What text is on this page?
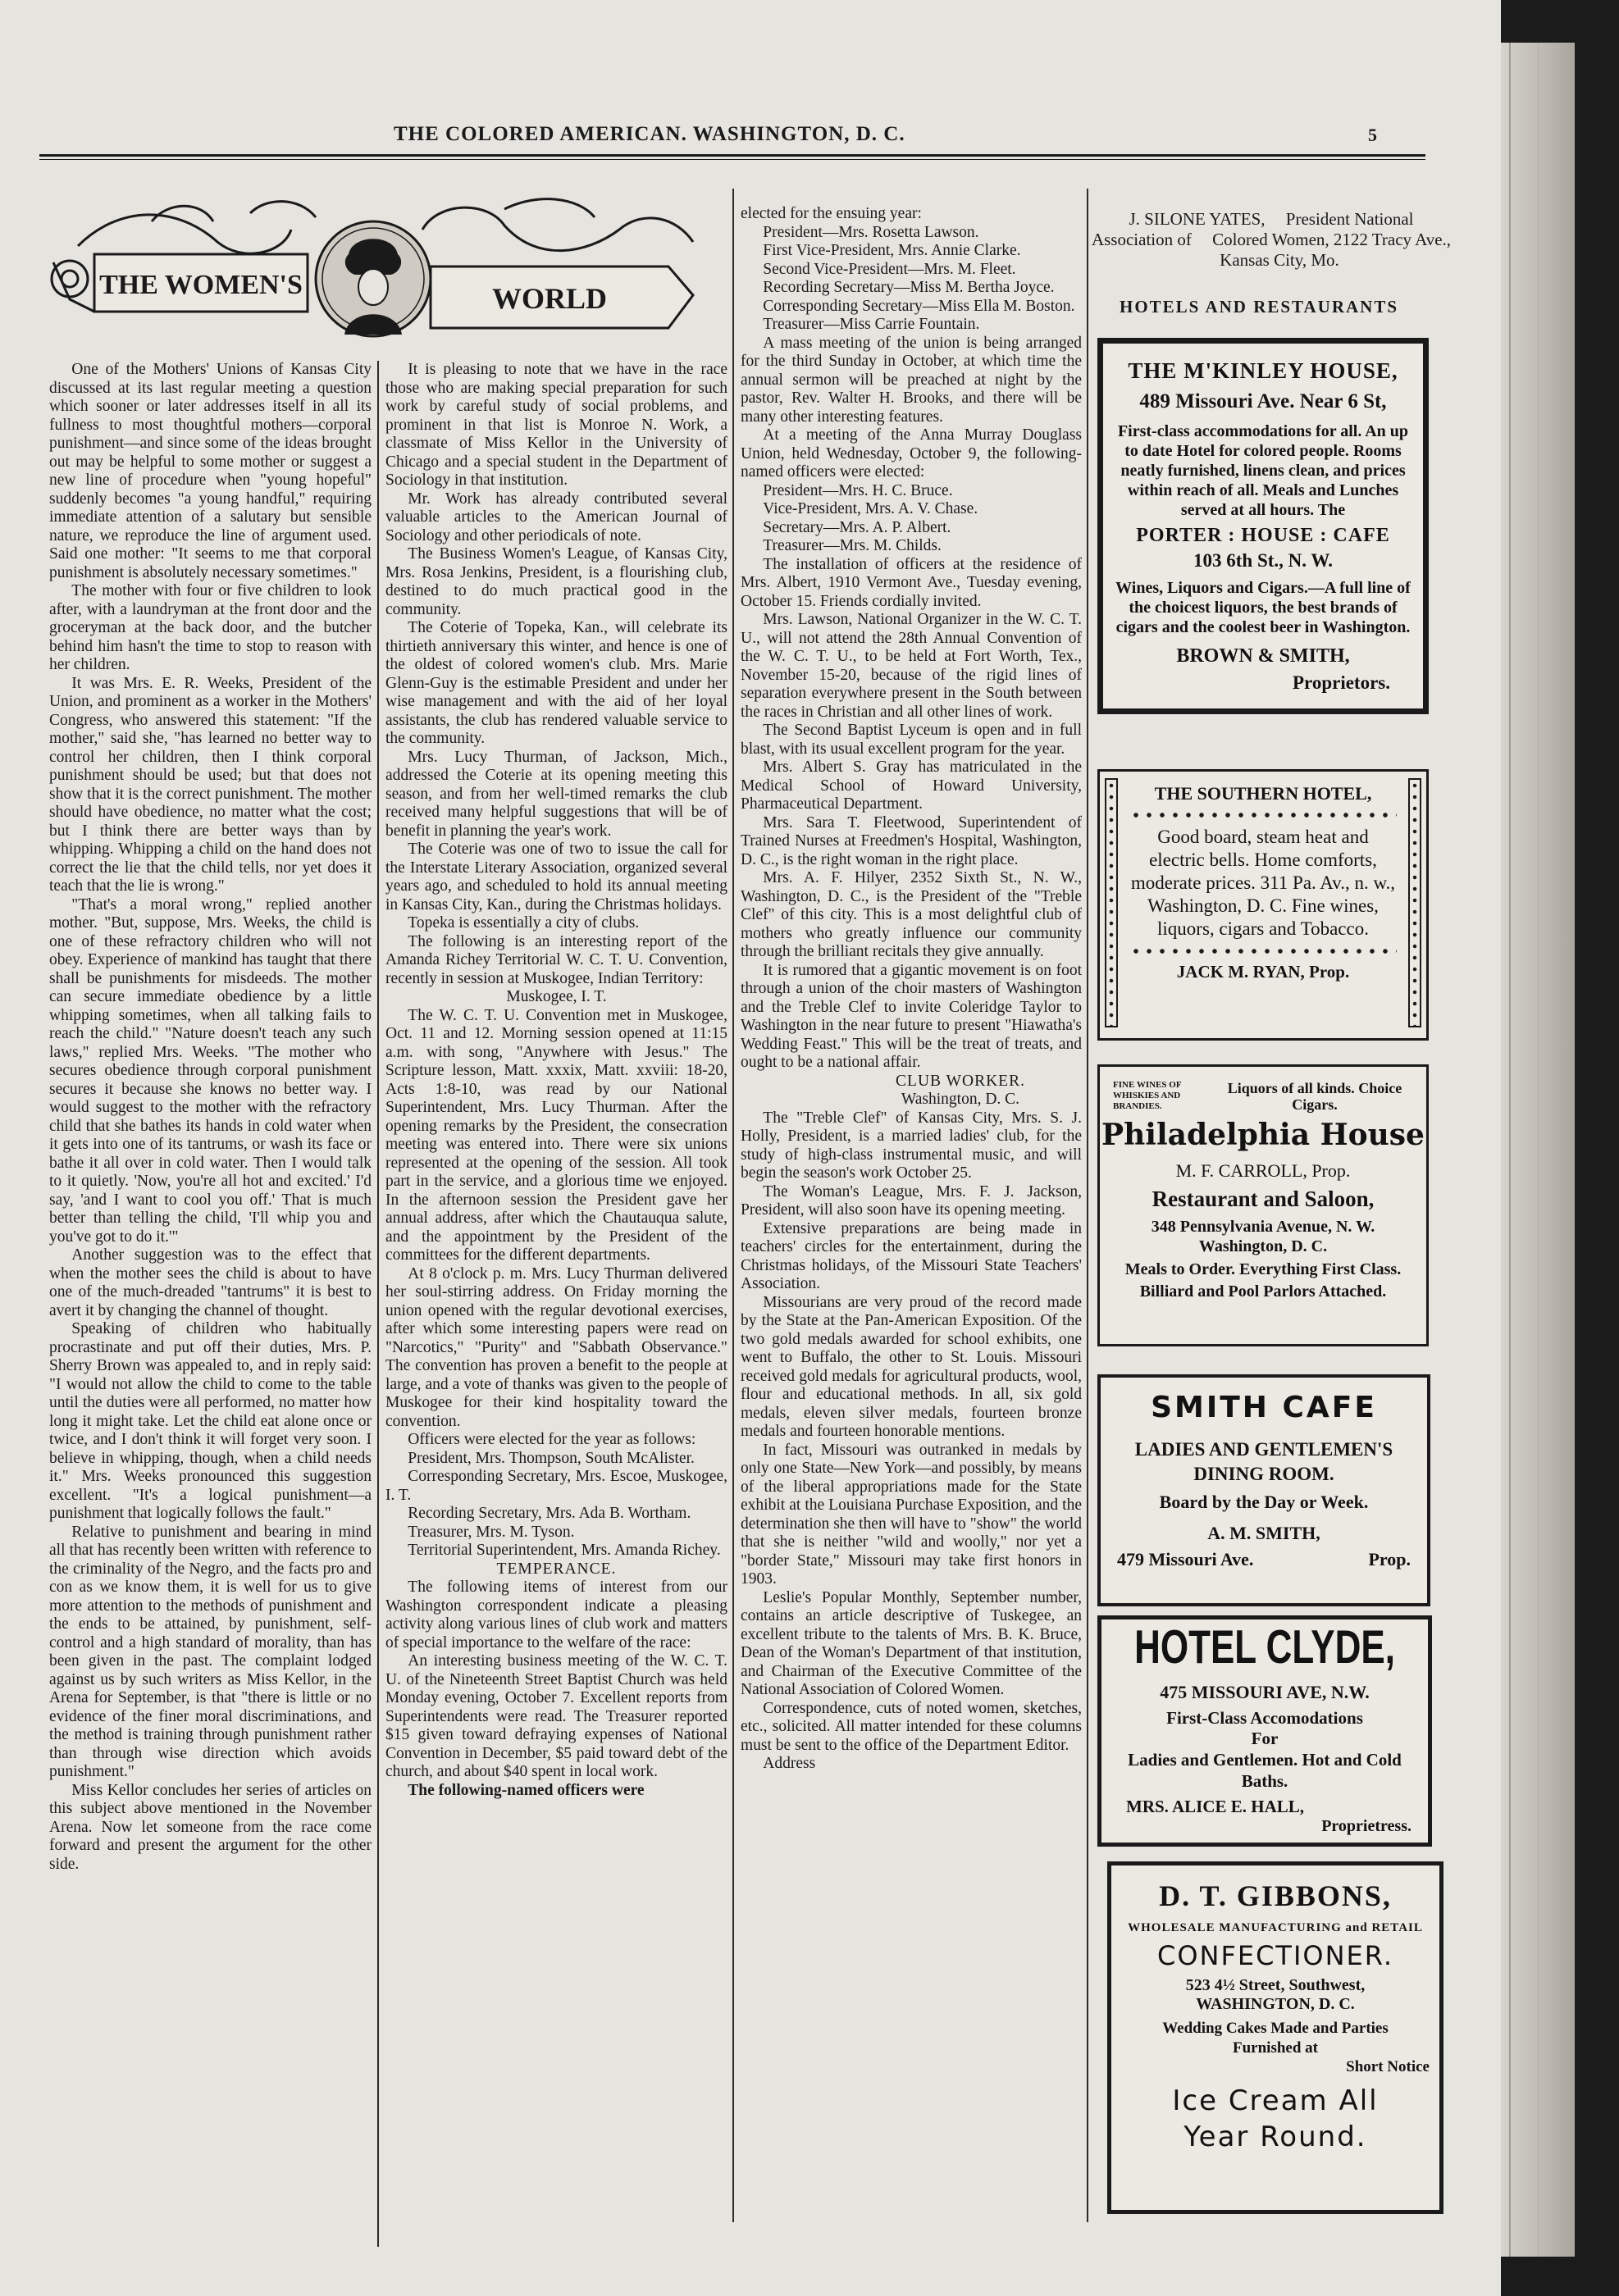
THE COLORED AMERICAN. WASHINGTON, D. C.	5
THE WOMEN'S	WORLD

One of the Mothers' Unions of Kansas City discussed at its last regular meeting a question which sooner or later addresses itself in all its fullness to most thoughtful mothers—corporal punishment—and since some of the ideas brought out may be helpful to some mother or suggest a new line of procedure when "young hopeful" suddenly becomes "a young handful," requiring immediate attention of a salutary but sensible nature, we reproduce the line of argument used. Said one mother: "It seems to me that corporal punishment is absolutely necessary sometimes."

The mother with four or five children to look after, with a laundryman at the front door and the groceryman at the back door, and the butcher behind him hasn't the time to stop to reason with her children.

It was Mrs. E. R. Weeks, President of the Union, and prominent as a worker in the Mothers' Congress, who answered this statement: "If the mother," said she, "has learned no better way to control her children, then I think corporal punishment should be used; but that does not show that it is the correct punishment. The mother should have obedience, no matter what the cost; but I think there are better ways than by whipping. Whipping a child on the hand does not correct the lie that the child tells, nor yet does it teach that the lie is wrong."

"That's a moral wrong," replied another mother. "But, suppose, Mrs. Weeks, the child is one of these refractory children who will not obey. Experience of mankind has taught that there shall be punishments for misdeeds. The mother can secure immediate obedience by a little whipping sometimes, when all talking fails to reach the child." "Nature doesn't teach any such laws," replied Mrs. Weeks. "The mother who secures obedience through corporal punishment secures it because she knows no better way. I would suggest to the mother with the refractory child that she bathes its hands in cold water when it gets into one of its tantrums, or wash its face or bathe it all over in cold water. Then I would talk to it quietly. 'Now, you're all hot and excited.' I'd say, 'and I want to cool you off.' That is much better than telling the child, 'I'll whip you and you've got to do it.'"

Another suggestion was to the effect that when the mother sees the child is about to have one of the much-dreaded "tantrums" it is best to avert it by changing the channel of thought.

Speaking of children who habitually procrastinate and put off their duties, Mrs. P. Sherry Brown was appealed to, and in reply said: "I would not allow the child to come to the table until the duties were all performed, no matter how long it might take. Let the child eat alone once or twice, and I don't think it will forget very soon. I believe in whipping, though, when a child needs it." Mrs. Weeks pronounced this suggestion excellent. "It's a logical punishment—a punishment that logically follows the fault."

Relative to punishment and bearing in mind all that has recently been written with reference to the criminality of the Negro, and the facts pro and con as we know them, it is well for us to give more attention to the methods of punishment and the ends to be attained, by punishment, self-control and a high standard of morality, than has been given in the past. The complaint lodged against us by such writers as Miss Kellor, in the Arena for September, is that "there is little or no evidence of the finer moral discriminations, and the method is training through punishment rather than through wise direction which avoids punishment."

Miss Kellor concludes her series of articles on this subject above mentioned in the November Arena. Now let someone from the race come forward and present the argument for the other side.

It is pleasing to note that we have in the race those who are making special preparation for such work by careful study of social problems, and prominent in that list is Monroe N. Work, a classmate of Miss Kellor in the University of Chicago and a special student in the Department of Sociology in that institution.

Mr. Work has already contributed several valuable articles to the American Journal of Sociology and other periodicals of note.

The Business Women's League, of Kansas City, Mrs. Rosa Jenkins, President, is a flourishing club, destined to do much practical good in the community.

The Coterie of Topeka, Kan., will celebrate its thirtieth anniversary this winter, and hence is one of the oldest of colored women's club. Mrs. Marie Glenn-Guy is the estimable President and under her wise management and with the aid of her loyal assistants, the club has rendered valuable service to the community.

Mrs. Lucy Thurman, of Jackson, Mich., addressed the Coterie at its opening meeting this season, and from her well-timed remarks the club received many helpful suggestions that will be of benefit in planning the year's work.

The Coterie was one of two to issue the call for the Interstate Literary Association, organized several years ago, and scheduled to hold its annual meeting in Kansas City, Kan., during the Christmas holidays.

Topeka is essentially a city of clubs.

The following is an interesting report of the Amanda Richey Territorial W. C. T. U. Convention, recently in session at Muskogee, Indian Territory:

Muskogee, I. T.

The W. C. T. U. Convention met in Muskogee, Oct. 11 and 12. Morning session opened at 11:15 a.m. with song, "Anywhere with Jesus." The Scripture lesson, Matt. xxxix, Matt. xxviii: 18-20, Acts 1:8-10, was read by our National Superintendent, Mrs. Lucy Thurman. After the opening remarks by the President, the consecration meeting was entered into. There were six unions represented at the opening of the session. All took part in the service, and a glorious time we enjoyed. In the afternoon session the President gave her annual address, after which the Chautauqua salute, and the appointment by the President of the committees for the different departments.

At 8 o'clock p. m. Mrs. Lucy Thurman delivered her soul-stirring address. On Friday morning the union opened with the regular devotional exercises, after which some interesting papers were read on "Narcotics," "Purity" and "Sabbath Observance." The convention has proven a benefit to the people at large, and a vote of thanks was given to the people of Muskogee for their kind hospitality toward the convention.

Officers were elected for the year as follows:

President, Mrs. Thompson, South McAlister.

Corresponding Secretary, Mrs. Escoe, Muskogee, I. T.

Recording Secretary, Mrs. Ada B. Wortham.

Treasurer, Mrs. M. Tyson.

Territorial Superintendent, Mrs. Amanda Richey.

TEMPERANCE.

The following items of interest from our Washington correspondent indicate a pleasing activity along various lines of club work and matters of special importance to the welfare of the race:

An interesting business meeting of the W. C. T. U. of the Nineteenth Street Baptist Church was held Monday evening, October 7. Excellent reports from Superintendents were read. The Treasurer reported $15 given toward defraying expenses of National Convention in December, $5 paid toward debt of the church, and about $40 spent in local work.

The following-named officers were

elected for the ensuing year:

President—Mrs. Rosetta Lawson.

First Vice-President, Mrs. Annie Clarke.

Second Vice-President—Mrs. M. Fleet.

Recording Secretary—Miss M. Bertha Joyce.

Corresponding Secretary—Miss Ella M. Boston.

Treasurer—Miss Carrie Fountain.

A mass meeting of the union is being arranged for the third Sunday in October, at which time the annual sermon will be preached at night by the pastor, Rev. Walter H. Brooks, and there will be many other interesting features.

At a meeting of the Anna Murray Douglass Union, held Wednesday, October 9, the following-named officers were elected:

President—Mrs. H. C. Bruce.

Vice-President, Mrs. A. V. Chase.

Secretary—Mrs. A. P. Albert.

Treasurer—Mrs. M. Childs.

The installation of officers at the residence of Mrs. Albert, 1910 Vermont Ave., Tuesday evening, October 15. Friends cordially invited.

Mrs. Lawson, National Organizer in the W. C. T. U., will not attend the 28th Annual Convention of the W. C. T. U., to be held at Fort Worth, Tex., November 15-20, because of the rigid lines of separation everywhere present in the South between the races in Christian and all other lines of work.

The Second Baptist Lyceum is open and in full blast, with its usual excellent program for the year.

Mrs. Albert S. Gray has matriculated in the Medical School of Howard University, Pharmaceutical Department.

Mrs. Sara T. Fleetwood, Superintendent of Trained Nurses at Freedmen's Hospital, Washington, D. C., is the right woman in the right place.

Mrs. A. F. Hilyer, 2352 Sixth St., N. W., Washington, D. C., is the President of the "Treble Clef" of this city. This is a most delightful club of mothers who greatly influence our community through the brilliant recitals they give annually.

It is rumored that a gigantic movement is on foot through a union of the choir masters of Washington and the Treble Clef to invite Coleridge Taylor to Washington in the near future to present "Hiawatha's Wedding Feast." This will be the treat of treats, and ought to be a national affair.

CLUB WORKER.

Washington, D. C.

The "Treble Clef" of Kansas City, Mrs. S. J. Holly, President, is a married ladies' club, for the study of high-class instrumental music, and will begin the season's work October 25.

The Woman's League, Mrs. F. J. Jackson, President, will also soon have its opening meeting.

Extensive preparations are being made in teachers' circles for the entertainment, during the Christmas holidays, of the Missouri State Teachers' Association.

Missourians are very proud of the record made by the State at the Pan-American Exposition. Of the two gold medals awarded for school exhibits, one went to Buffalo, the other to St. Louis. Missouri received gold medals for agricultural products, wool, flour and educational methods. In all, six gold medals, eleven silver medals, fourteen bronze medals and fourteen honorable mentions.

In fact, Missouri was outranked in medals by only one State—New York—and possibly, by means of the liberal appropriations made for the State exhibit at the Louisiana Purchase Exposition, and the determination she then will have to "show" the world that she is neither "wild and woolly," nor yet a "border State," Missouri may take first honors in 1903.

Leslie's Popular Monthly, September number, contains an article descriptive of Tuskegee, an excellent tribute to the talents of Mrs. B. K. Bruce, Dean of the Woman's Department of that institution, and Chairman of the Executive Committee of the National Association of Colored Women.

Correspondence, cuts of noted women, sketches, etc., solicited. All matter intended for these columns must be sent to the office of the Department Editor.

Address

J. SILONE YATES, President National Association of Colored Women, 2122 Tracy Ave., Kansas City, Mo.
HOTELS AND RESTAURANTS
THE M'KINLEY HOUSE,
489 Missouri Ave. Near 6 St,
First-class accommodations for all. An up to date Hotel for colored people. Rooms neatly furnished, linens clean, and prices within reach of all. Meals and Lunches served at all hours. The
PORTER : HOUSE : CAFE
103 6th St., N. W.
Wines, Liquors and Cigars.—A full line of the choicest liquors, the best brands of cigars and the coolest beer in Washington.
BROWN & SMITH,
Proprietors.
THE SOUTHERN HOTEL,
Good board, steam heat and electric bells. Home comforts, moderate prices. 311 Pa. Av., n. w., Washington, D. C. Fine wines, liquors, cigars and Tobacco.
JACK M. RYAN, Prop.
FINE WINES OF WHISKIES AND BRANDIES.
Liquors of all kinds. Choice Cigars.
Philadelphia House
M. F. CARROLL, Prop.
Restaurant and Saloon,
348 Pennsylvania Avenue, N. W. Washington, D. C.
Meals to Order. Everything First Class.
Billiard and Pool Parlors Attached.
SMITH CAFE
LADIES AND GENTLEMEN'S
DINING ROOM.
Board by the Day or Week.
A. M. SMITH,
479 Missouri Ave.	Prop.
HOTEL CLYDE,
475 MISSOURI AVE, N.W.
First-Class Accomodations
For
Ladies and Gentlemen. Hot and Cold Baths.
MRS. ALICE E. HALL,
Proprietress.
D. T. GIBBONS,
WHOLESALE MANUFACTURING and RETAIL
CONFECTIONER.
523 4½ Street, Southwest,
WASHINGTON, D. C.
Wedding Cakes Made and Parties Furnished at
Short Notice
Ice Cream All
Year Round.
